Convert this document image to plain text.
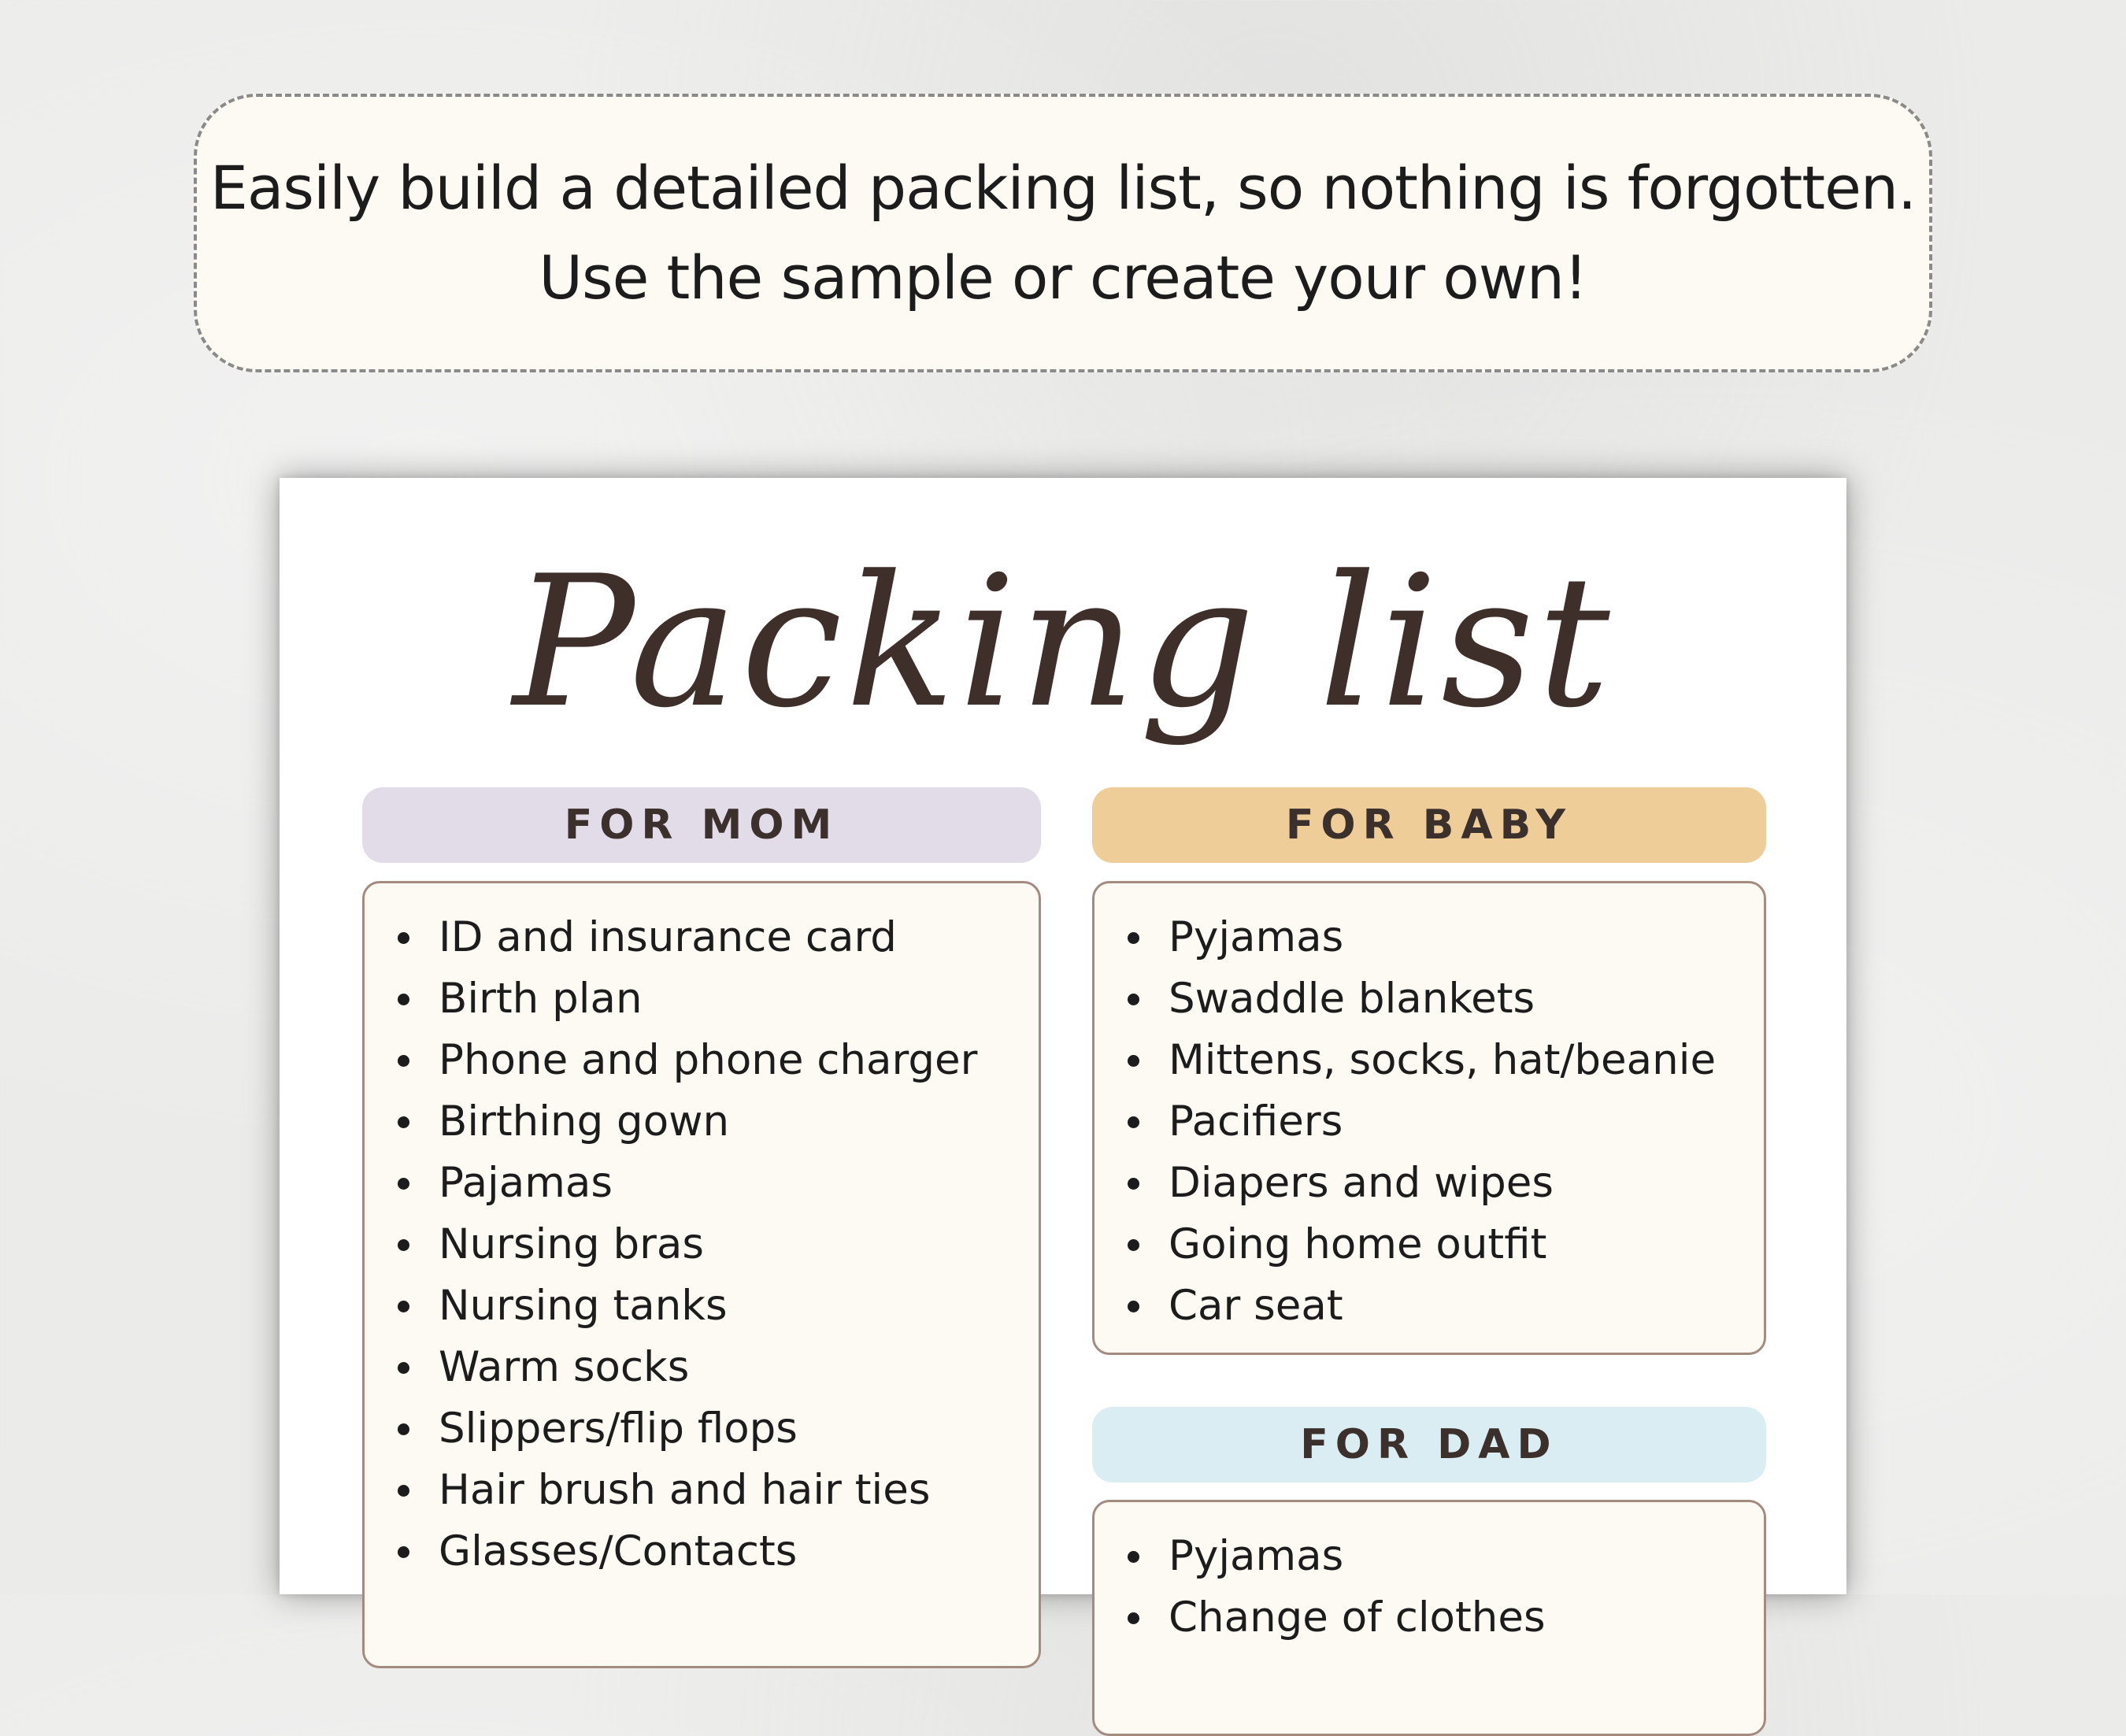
Easily build a detailed packing list, so nothing is forgotten.
Use the sample or create your own!
Packing list
FOR MOM
ID and insurance card
Birth plan
Phone and phone charger
Birthing gown
Pajamas
Nursing bras
Nursing tanks
Warm socks
Slippers/flip flops
Hair brush and hair ties
Glasses/Contacts
FOR BABY
Pyjamas
Swaddle blankets
Mittens, socks, hat/beanie
Pacifiers
Diapers and wipes
Going home outfit
Car seat
FOR DAD
Pyjamas
Change of clothes
